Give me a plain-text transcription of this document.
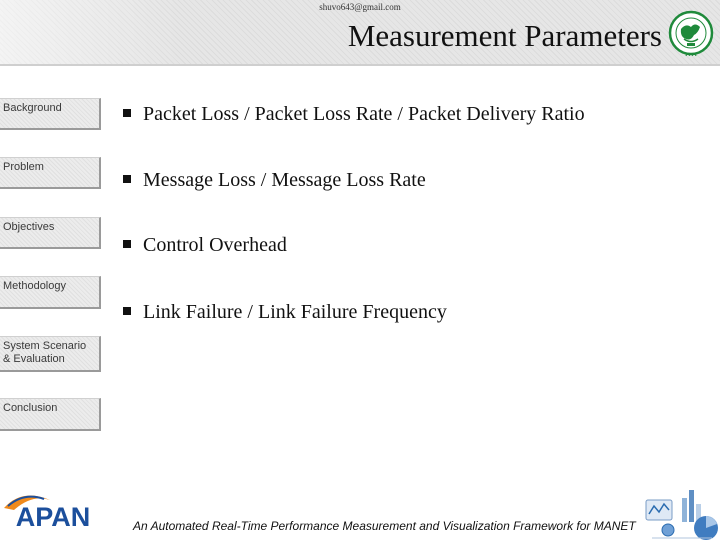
shuvo643@gmail.com
Measurement Parameters
• • • •
Background
Problem
Objectives
Methodology
System Scenario
& Evaluation
Conclusion
Packet Loss / Packet Loss Rate / Packet Delivery Ratio
Message Loss / Message Loss Rate
Control Overhead
Link Failure / Link Failure Frequency
APAN	An Automated Real-Time Performance Measurement and Visualization Framework for MANET
